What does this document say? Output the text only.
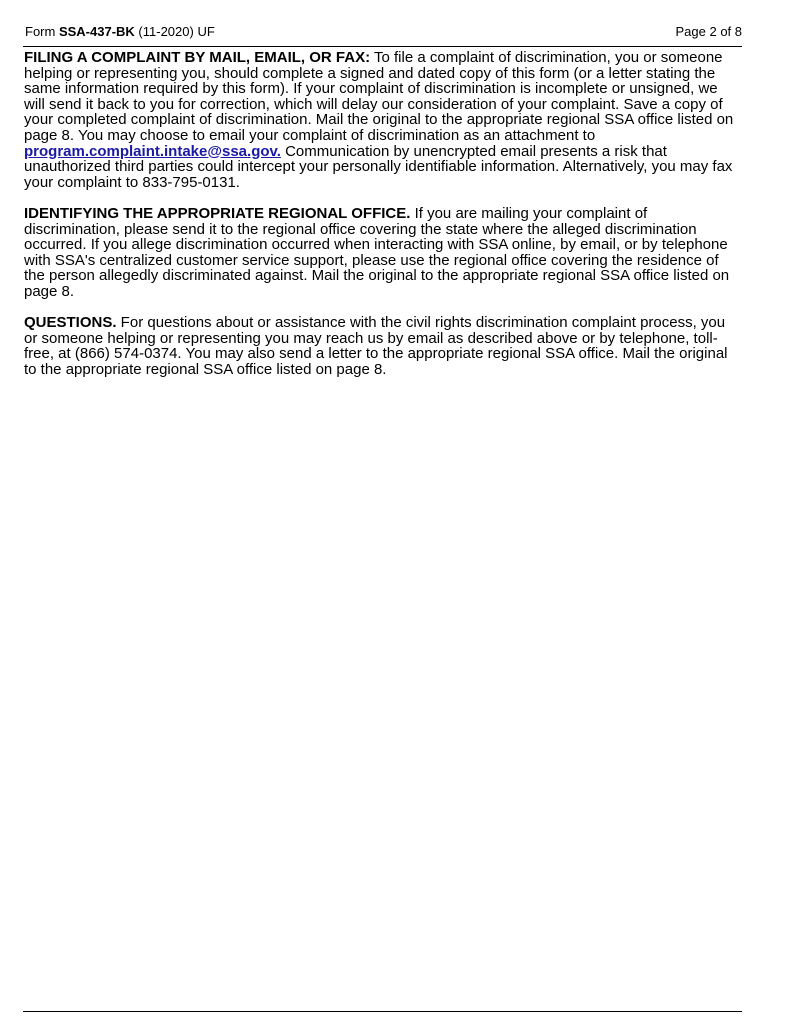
Form SSA-437-BK (11-2020) UF	Page 2 of 8

FILING A COMPLAINT BY MAIL, EMAIL, OR FAX: To file a complaint of discrimination, you or someone helping or representing you, should complete a signed and dated copy of this form (or a letter stating the same information required by this form). If your complaint of discrimination is incomplete or unsigned, we will send it back to you for correction, which will delay our consideration of your complaint. Save a copy of your completed complaint of discrimination. Mail the original to the appropriate regional SSA office listed on page 8. You may choose to email your complaint of discrimination as an attachment to program.complaint.intake@ssa.gov. Communication by unencrypted email presents a risk that unauthorized third parties could intercept your personally identifiable information. Alternatively, you may fax your complaint to 833-795-0131.

IDENTIFYING THE APPROPRIATE REGIONAL OFFICE. If you are mailing your complaint of discrimination, please send it to the regional office covering the state where the alleged discrimination occurred. If you allege discrimination occurred when interacting with SSA online, by email, or by telephone with SSA's centralized customer service support, please use the regional office covering the residence of the person allegedly discriminated against. Mail the original to the appropriate regional SSA office listed on page 8.

QUESTIONS. For questions about or assistance with the civil rights discrimination complaint process, you or someone helping or representing you may reach us by email as described above or by telephone, toll-free, at (866) 574-0374. You may also send a letter to the appropriate regional SSA office. Mail the original to the appropriate regional SSA office listed on page 8.
